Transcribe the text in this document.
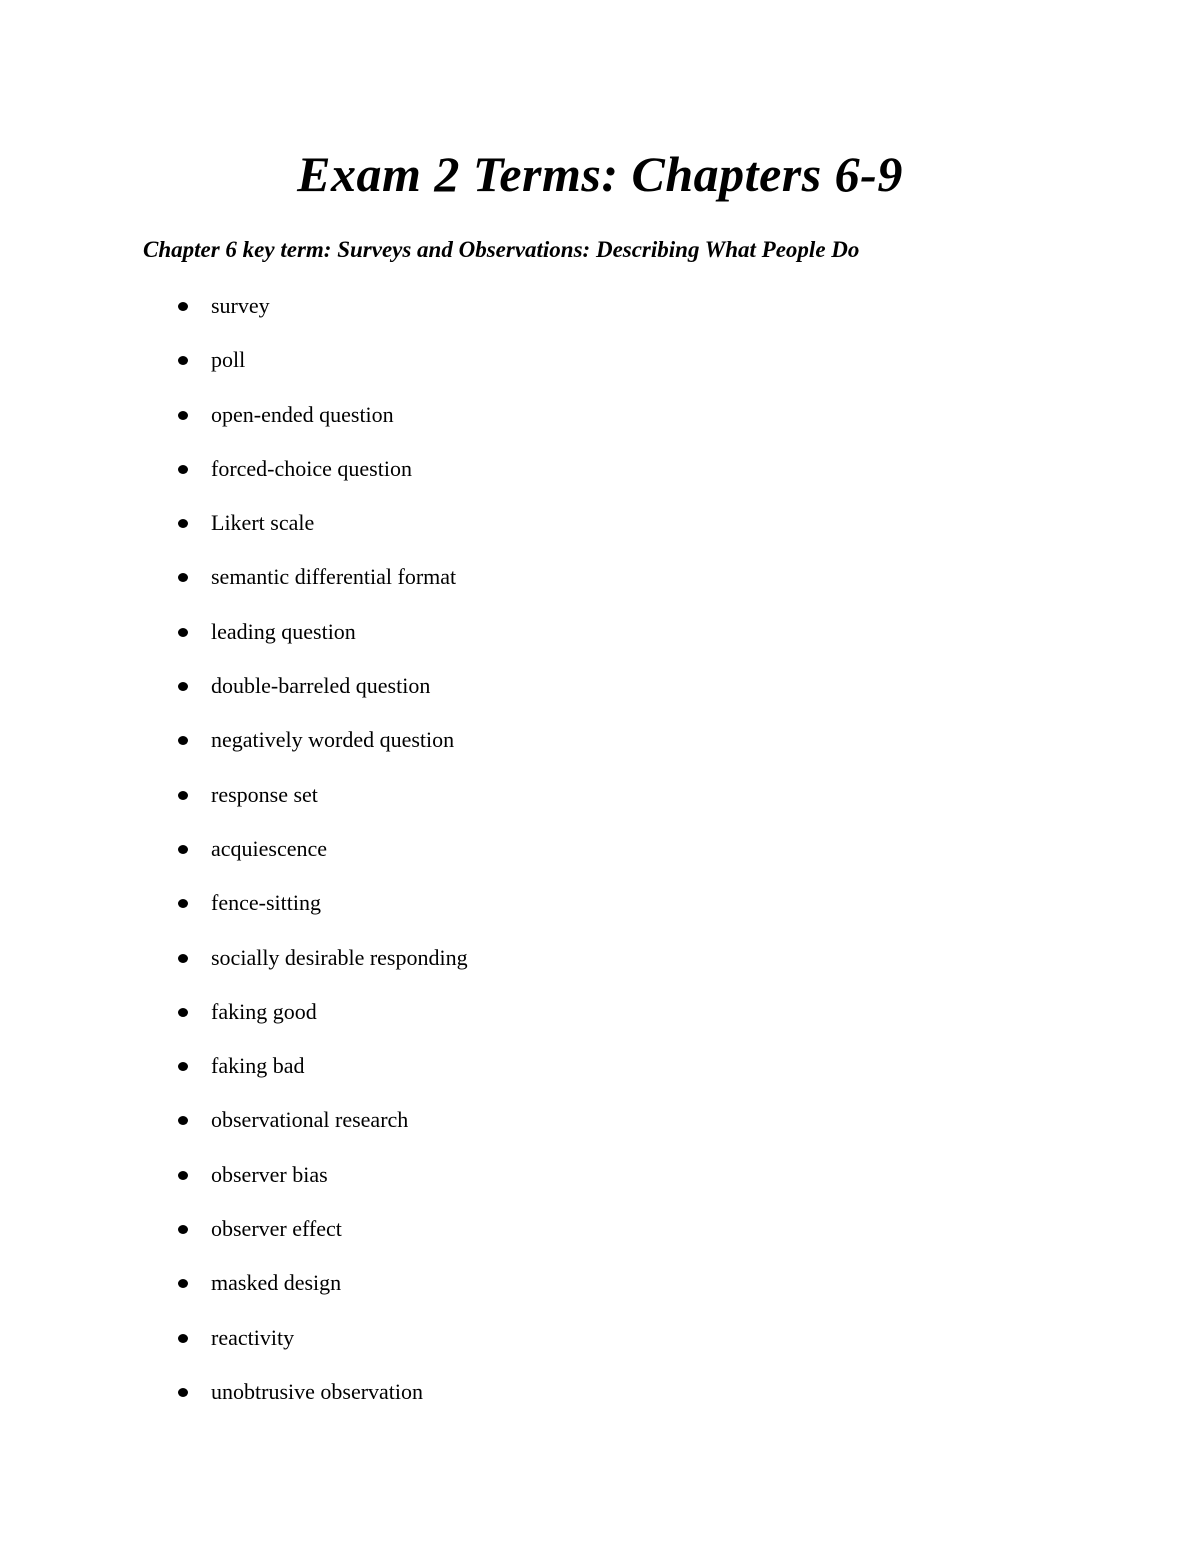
Exam 2 Terms: Chapters 6-9
Chapter 6 key term: Surveys and Observations: Describing What People Do
survey
poll
open-ended question
forced-choice question
Likert scale
semantic differential format
leading question
double-barreled question
negatively worded question
response set
acquiescence
fence-sitting
socially desirable responding
faking good
faking bad
observational research
observer bias
observer effect
masked design
reactivity
unobtrusive observation
